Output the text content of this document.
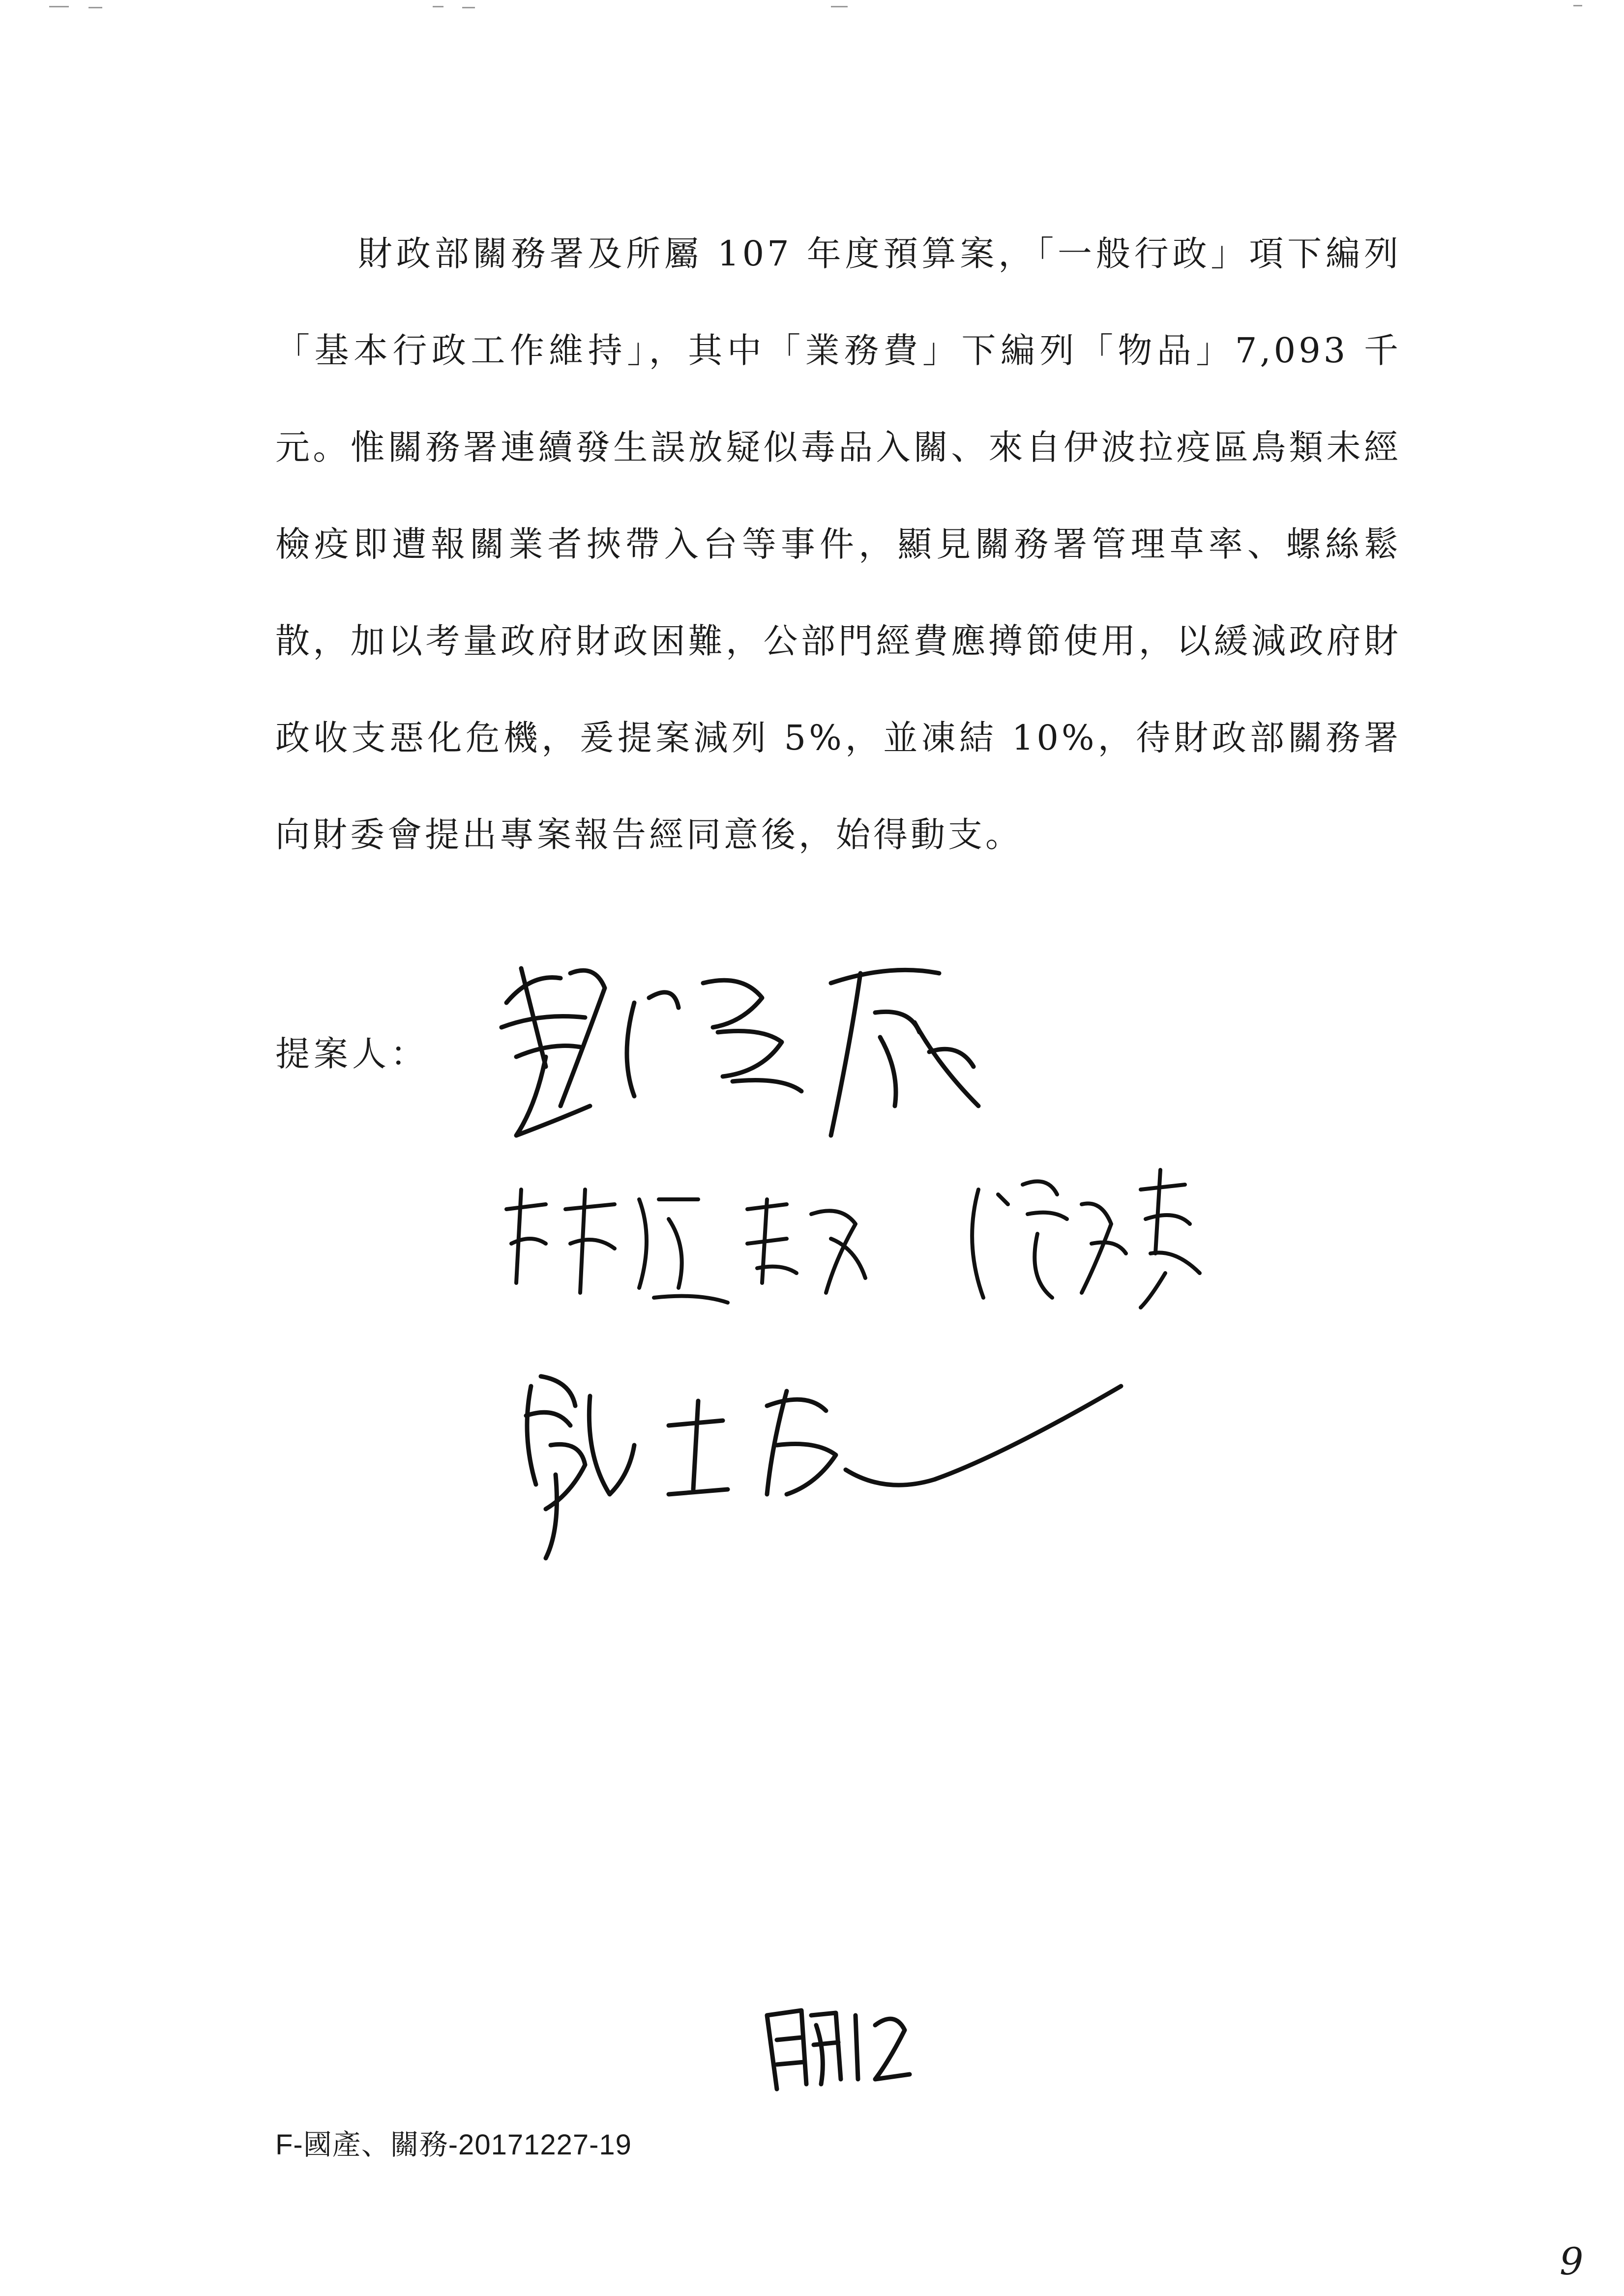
財政部關務署及所屬 107 年度預算案，「一般行政」項下編列「基本行政工作維持」，其中「業務費」下編列「物品」7,093 千元。惟關務署連續發生誤放疑似毒品入關、來自伊波拉疫區鳥類未經檢疫即遭報關業者挾帶入台等事件，顯見關務署管理草率、螺絲鬆散，加以考量政府財政困難，公部門經費應撙節使用，以緩減政府財政收支惡化危機，爰提案減列 5%，並凍結 10%，待財政部關務署向財委會提出專案報告經同意後，始得動支。

提案人：

F-國產、關務-20171227-19

9
